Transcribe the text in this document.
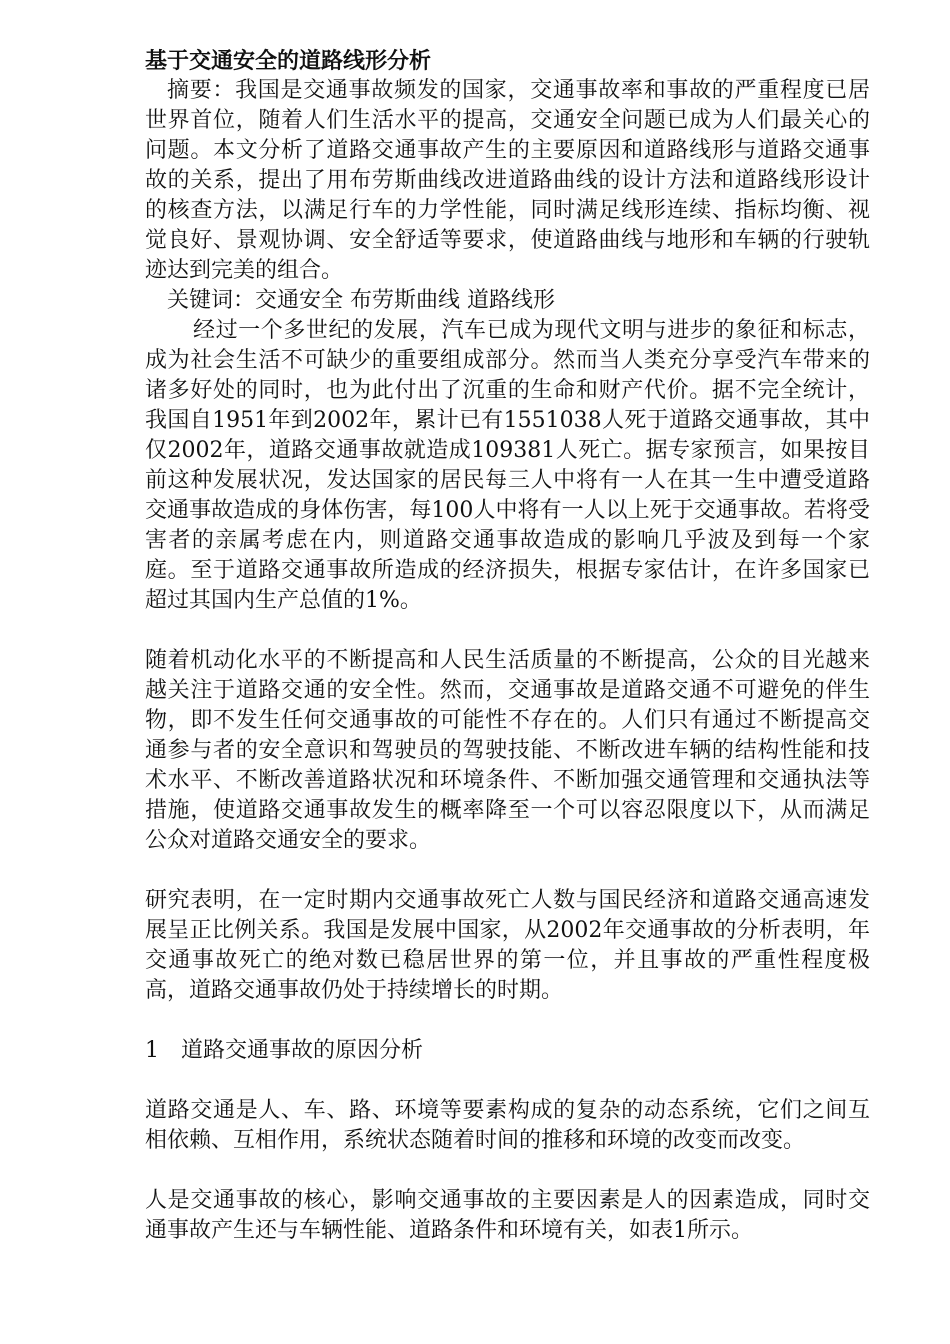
基于交通安全的道路线形分析

摘要：我国是交通事故频发的国家，交通事故率和事故的严重程度已居世界首位，随着人们生活水平的提高，交通安全问题已成为人们最关心的问题。本文分析了道路交通事故产生的主要原因和道路线形与道路交通事故的关系，提出了用布劳斯曲线改进道路曲线的设计方法和道路线形设计的核查方法，以满足行车的力学性能，同时满足线形连续、指标均衡、视觉良好、景观协调、安全舒适等要求，使道路曲线与地形和车辆的行驶轨迹达到完美的组合。

关键词：交通安全 布劳斯曲线 道路线形

经过一个多世纪的发展，汽车已成为现代文明与进步的象征和标志，成为社会生活不可缺少的重要组成部分。然而当人类充分享受汽车带来的诸多好处的同时，也为此付出了沉重的生命和财产代价。据不完全统计，我国自1951年到2002年，累计已有1551038人死于道路交通事故，其中仅2002年，道路交通事故就造成109381人死亡。据专家预言，如果按目前这种发展状况，发达国家的居民每三人中将有一人在其一生中遭受道路交通事故造成的身体伤害，每100人中将有一人以上死于交通事故。若将受害者的亲属考虑在内，则道路交通事故造成的影响几乎波及到每一个家庭。至于道路交通事故所造成的经济损失，根据专家估计，在许多国家已超过其国内生产总值的1%。

随着机动化水平的不断提高和人民生活质量的不断提高，公众的目光越来越关注于道路交通的安全性。然而，交通事故是道路交通不可避免的伴生物，即不发生任何交通事故的可能性不存在的。人们只有通过不断提高交通参与者的安全意识和驾驶员的驾驶技能、不断改进车辆的结构性能和技术水平、不断改善道路状况和环境条件、不断加强交通管理和交通执法等措施，使道路交通事故发生的概率降至一个可以容忍限度以下，从而满足公众对道路交通安全的要求。

研究表明，在一定时期内交通事故死亡人数与国民经济和道路交通高速发展呈正比例关系。我国是发展中国家，从2002年交通事故的分析表明，年交通事故死亡的绝对数已稳居世界的第一位，并且事故的严重性程度极高，道路交通事故仍处于持续增长的时期。

1　道路交通事故的原因分析

道路交通是人、车、路、环境等要素构成的复杂的动态系统，它们之间互相依赖、互相作用，系统状态随着时间的推移和环境的改变而改变。

人是交通事故的核心，影响交通事故的主要因素是人的因素造成，同时交通事故产生还与车辆性能、道路条件和环境有关，如表1所示。
